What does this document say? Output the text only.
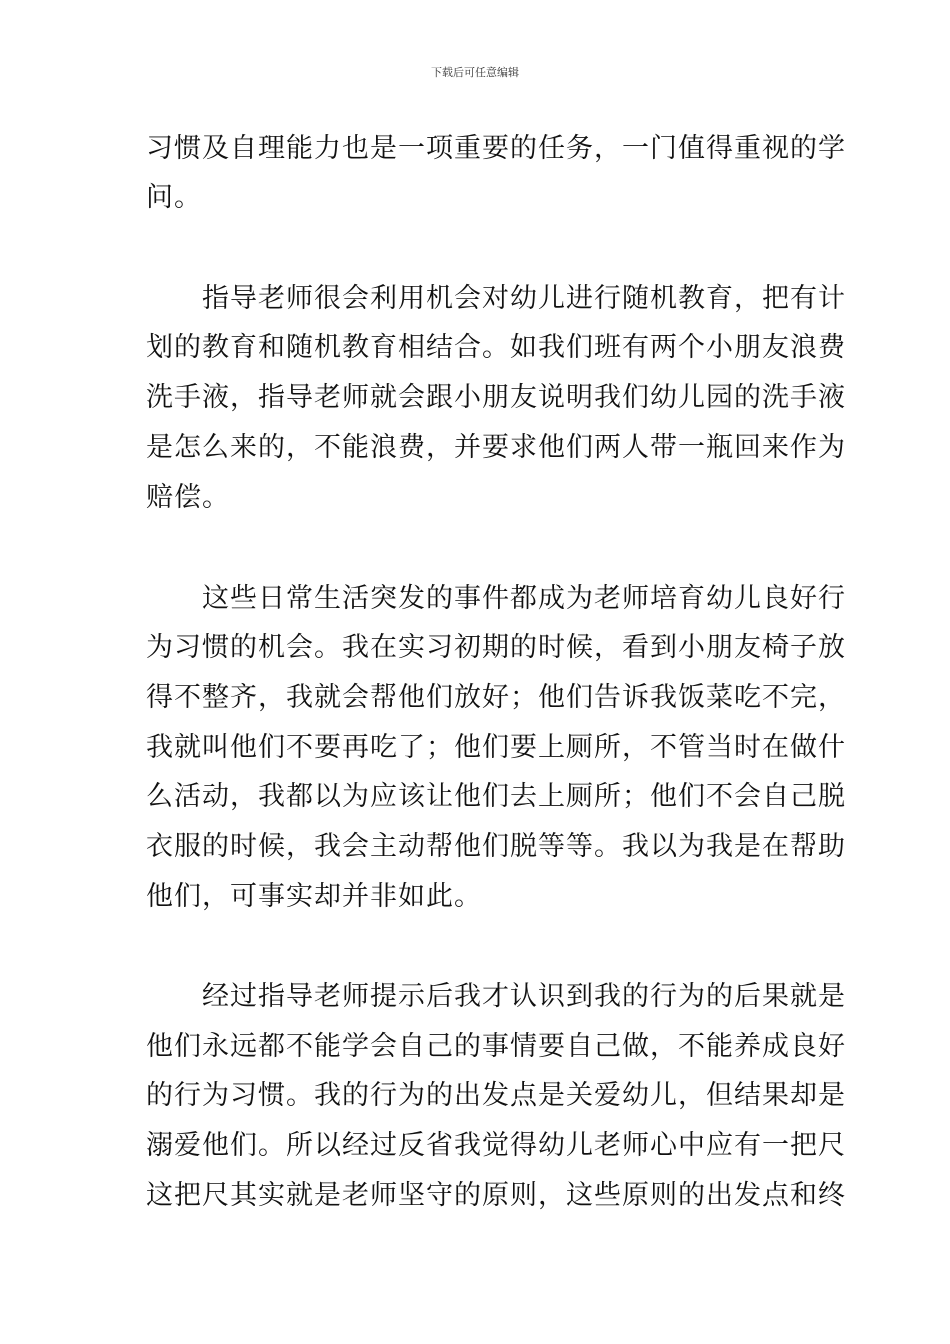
下载后可任意编辑
习惯及自理能力也是一项重要的任务，一门值得重视的学
问。
　　指导老师很会利用机会对幼儿进行随机教育，把有计
划的教育和随机教育相结合。如我们班有两个小朋友浪费
洗手液，指导老师就会跟小朋友说明我们幼儿园的洗手液
是怎么来的，不能浪费，并要求他们两人带一瓶回来作为
赔偿。
　　这些日常生活突发的事件都成为老师培育幼儿良好行
为习惯的机会。我在实习初期的时候，看到小朋友椅子放
得不整齐，我就会帮他们放好；他们告诉我饭菜吃不完，
我就叫他们不要再吃了；他们要上厕所，不管当时在做什
么活动，我都以为应该让他们去上厕所；他们不会自己脱
衣服的时候，我会主动帮他们脱等等。我以为我是在帮助
他们，可事实却并非如此。
　　经过指导老师提示后我才认识到我的行为的后果就是
他们永远都不能学会自己的事情要自己做，不能养成良好
的行为习惯。我的行为的出发点是关爱幼儿，但结果却是
溺爱他们。所以经过反省我觉得幼儿老师心中应有一把尺
这把尺其实就是老师坚守的原则，这些原则的出发点和终
